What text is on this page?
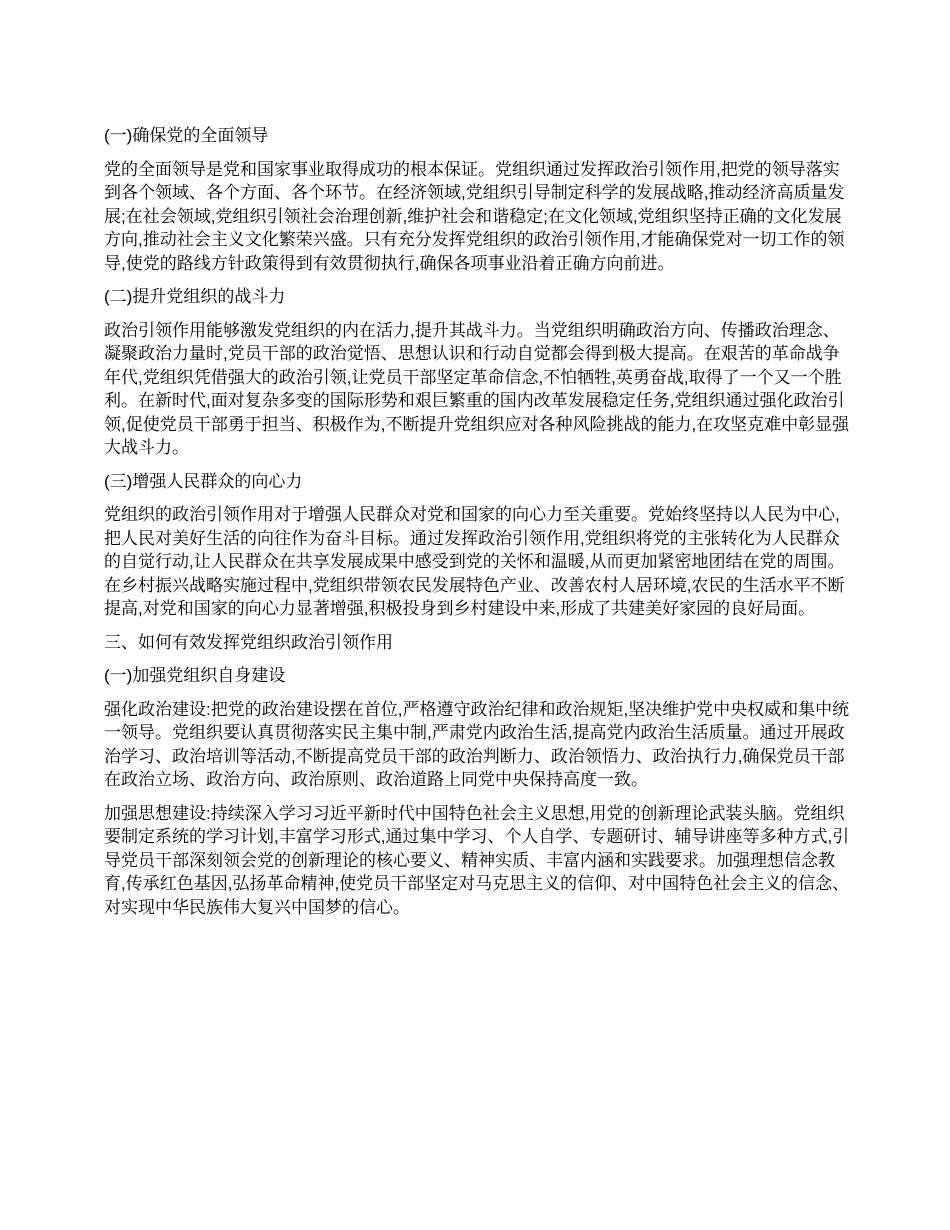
(一)确保党的全面领导
党的全面领导是党和国家事业取得成功的根本保证。党组织通过发挥政治引领作用,把党的领导落实到各个领域、各个方面、各个环节。在经济领域,党组织引导制定科学的发展战略,推动经济高质量发展;在社会领域,党组织引领社会治理创新,维护社会和谐稳定;在文化领域,党组织坚持正确的文化发展方向,推动社会主义文化繁荣兴盛。只有充分发挥党组织的政治引领作用,才能确保党对一切工作的领导,使党的路线方针政策得到有效贯彻执行,确保各项事业沿着正确方向前进。
(二)提升党组织的战斗力
政治引领作用能够激发党组织的内在活力,提升其战斗力。当党组织明确政治方向、传播政治理念、凝聚政治力量时,党员干部的政治觉悟、思想认识和行动自觉都会得到极大提高。在艰苦的革命战争年代,党组织凭借强大的政治引领,让党员干部坚定革命信念,不怕牺牲,英勇奋战,取得了一个又一个胜利。在新时代,面对复杂多变的国际形势和艰巨繁重的国内改革发展稳定任务,党组织通过强化政治引领,促使党员干部勇于担当、积极作为,不断提升党组织应对各种风险挑战的能力,在攻坚克难中彰显强大战斗力。
(三)增强人民群众的向心力
党组织的政治引领作用对于增强人民群众对党和国家的向心力至关重要。党始终坚持以人民为中心,把人民对美好生活的向往作为奋斗目标。通过发挥政治引领作用,党组织将党的主张转化为人民群众的自觉行动,让人民群众在共享发展成果中感受到党的关怀和温暖,从而更加紧密地团结在党的周围。在乡村振兴战略实施过程中,党组织带领农民发展特色产业、改善农村人居环境,农民的生活水平不断提高,对党和国家的向心力显著增强,积极投身到乡村建设中来,形成了共建美好家园的良好局面。
三、如何有效发挥党组织政治引领作用
(一)加强党组织自身建设
强化政治建设:把党的政治建设摆在首位,严格遵守政治纪律和政治规矩,坚决维护党中央权威和集中统一领导。党组织要认真贯彻落实民主集中制,严肃党内政治生活,提高党内政治生活质量。通过开展政治学习、政治培训等活动,不断提高党员干部的政治判断力、政治领悟力、政治执行力,确保党员干部在政治立场、政治方向、政治原则、政治道路上同党中央保持高度一致。
加强思想建设:持续深入学习习近平新时代中国特色社会主义思想,用党的创新理论武装头脑。党组织要制定系统的学习计划,丰富学习形式,通过集中学习、个人自学、专题研讨、辅导讲座等多种方式,引导党员干部深刻领会党的创新理论的核心要义、精神实质、丰富内涵和实践要求。加强理想信念教育,传承红色基因,弘扬革命精神,使党员干部坚定对马克思主义的信仰、对中国特色社会主义的信念、对实现中华民族伟大复兴中国梦的信心。
